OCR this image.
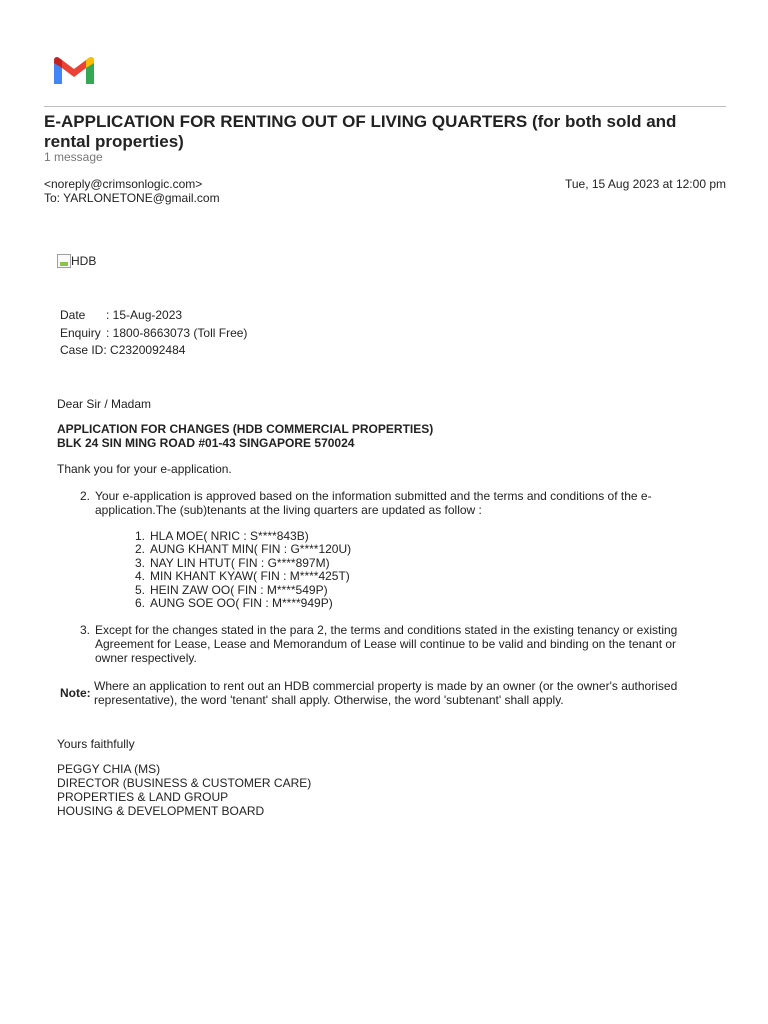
E-APPLICATION FOR RENTING OUT OF LIVING QUARTERS (for both sold and rental properties)
1 message
<noreply@crimsonlogic.com>	Tue, 15 Aug 2023 at 12:00 pm
To: YARLONETONE@gmail.com
HDB
Date	: 15-Aug-2023
Enquiry : 1800-8663073 (Toll Free)
Case ID : C2320092484
Dear Sir / Madam
APPLICATION FOR CHANGES (HDB COMMERCIAL PROPERTIES)
BLK 24 SIN MING ROAD #01-43 SINGAPORE 570024
Thank you for your e-application.
2. Your e-application is approved based on the information submitted and the terms and conditions of the e-application.The (sub)tenants at the living quarters are updated as follow :
1. HLA MOE( NRIC : S****843B)
2. AUNG KHANT MIN( FIN : G****120U)
3. NAY LIN HTUT( FIN : G****897M)
4. MIN KHANT KYAW( FIN : M****425T)
5. HEIN ZAW OO( FIN : M****549P)
6. AUNG SOE OO( FIN : M****949P)
3. Except for the changes stated in the para 2, the terms and conditions stated in the existing tenancy or existing Agreement for Lease, Lease and Memorandum of Lease will continue to be valid and binding on the tenant or owner respectively.
Note: Where an application to rent out an HDB commercial property is made by an owner (or the owner's authorised representative), the word 'tenant' shall apply. Otherwise, the word 'subtenant' shall apply.
Yours faithfully
PEGGY CHIA (MS)
DIRECTOR (BUSINESS & CUSTOMER CARE)
PROPERTIES & LAND GROUP
HOUSING & DEVELOPMENT BOARD
